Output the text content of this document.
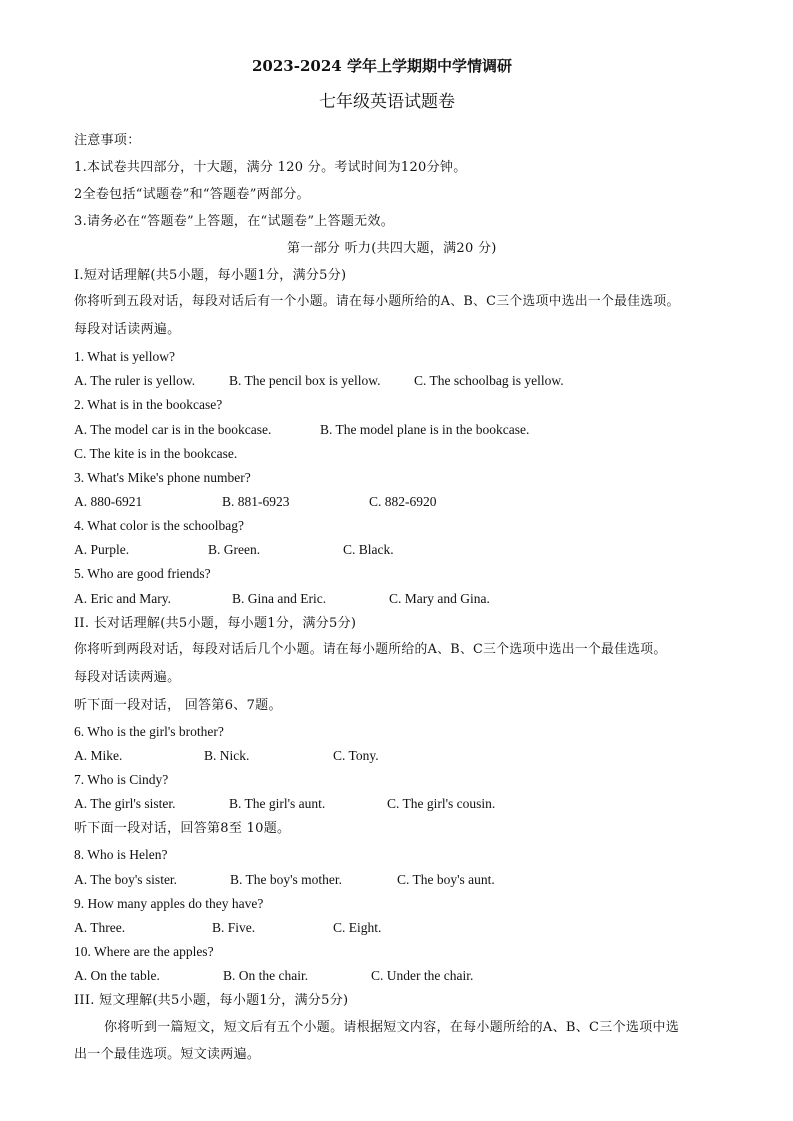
2023-2024 学年上学期期中学情调研
七年级英语试题卷
注意事项：
1.本试卷共四部分，十大题，满分 120 分。考试时间为120分钟。
2全卷包括“试题卷”和“答题卷”两部分。
3.请务必在“答题卷”上答题，在“试题卷”上答题无效。
第一部分 听力(共四大题，满20 分)
I.短对话理解(共5小题，每小题1分，满分5分)
你将听到五段对话，每段对话后有一个小题。请在每小题所给的A、B、C三个选项中选出一个最佳选项。
每段对话读两遍。
1. What is yellow?
A. The ruler is yellow.	B. The pencil box is yellow. C. The schoolbag is yellow.
2. What is in the bookcase?
A. The model car is in the bookcase.	B. The model plane is in the bookcase.
C. The kite is in the bookcase.
3. What's Mike's phone number?
A. 880-6921	B. 881-6923	C. 882-6920
4. What color is the schoolbag?
A. Purple.	B. Green.	C. Black.
5. Who are good friends?
A. Eric and Mary.	B. Gina and Eric.	C. Mary and Gina.
II. 长对话理解(共5小题，每小题1分，满分5分)
你将听到两段对话，每段对话后几个小题。请在每小题所给的A、B、C三个选项中选出一个最佳选项。
每段对话读两遍。
听下面一段对话， 回答第6、7题。
6. Who is the girl's brother?
A. Mike.	B. Nick.	C. Tony.
7. Who is Cindy?
A. The girl's sister.	B. The girl's aunt.	C. The girl's cousin.
听下面一段对话，回答第8至 10题。
8. Who is Helen?
A. The boy's sister.	B. The boy's mother.	C. The boy's aunt.
9. How many apples do they have?
A. Three.	B. Five.	C. Eight.
10. Where are the apples?
A. On the table.	B. On the chair.	C. Under the chair.
III. 短文理解(共5小题，每小题1分，满分5分)
你将听到一篇短文，短文后有五个小题。请根据短文内容，在每小题所给的A、B、C三个选项中选
出一个最佳选项。短文读两遍。
